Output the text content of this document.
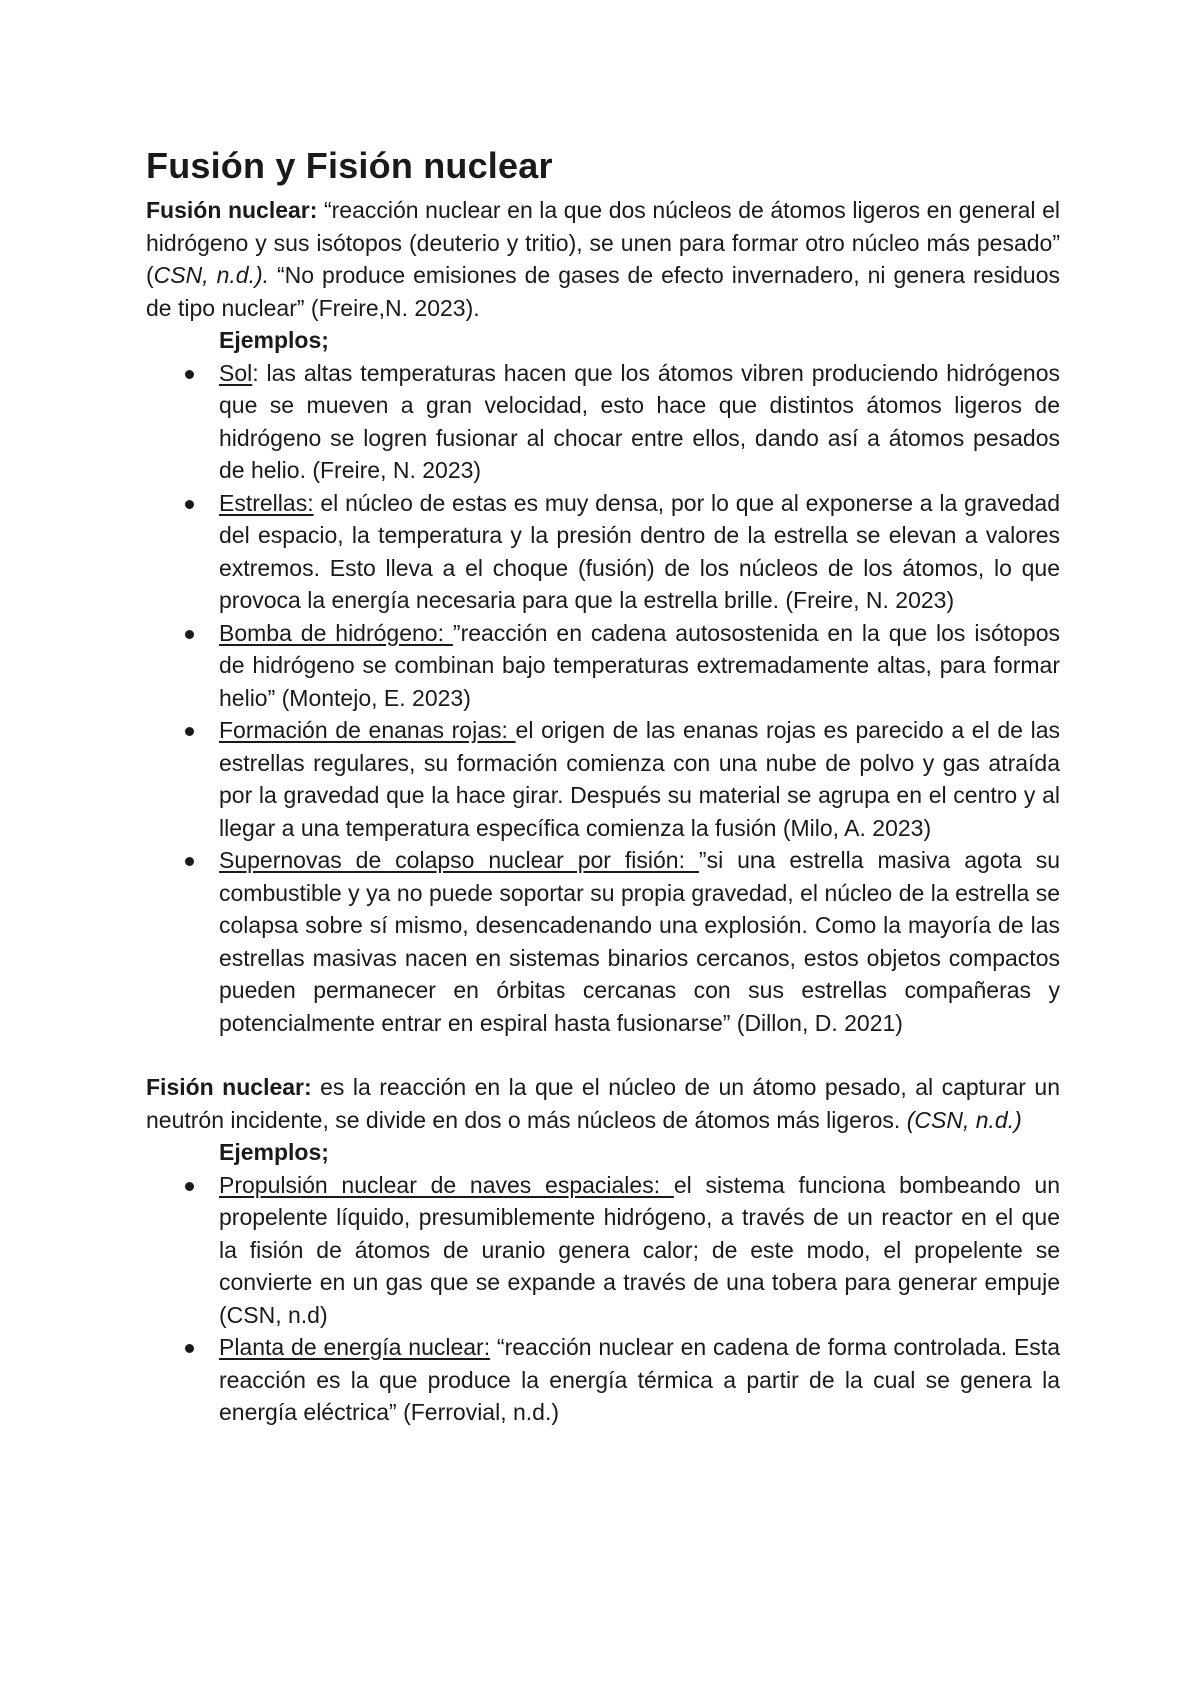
Fusión y Fisión nuclear

Fusión nuclear: “reacción nuclear en la que dos núcleos de átomos ligeros en general el hidrógeno y sus isótopos (deuterio y tritio), se unen para formar otro núcleo más pesado” (CSN, n.d.). “No produce emisiones de gases de efecto invernadero, ni genera residuos de tipo nuclear” (Freire,N. 2023).

Ejemplos;
Sol: las altas temperaturas hacen que los átomos vibren produciendo hidrógenos que se mueven a gran velocidad, esto hace que distintos átomos ligeros de hidrógeno se logren fusionar al chocar entre ellos, dando así a átomos pesados de helio. (Freire, N. 2023)
Estrellas: el núcleo de estas es muy densa, por lo que al exponerse a la gravedad del espacio, la temperatura y la presión dentro de la estrella se elevan a valores extremos. Esto lleva a el choque (fusión) de los núcleos de los átomos, lo que provoca la energía necesaria para que la estrella brille. (Freire, N. 2023)
Bomba de hidrógeno: ”reacción en cadena autosostenida en la que los isótopos de hidrógeno se combinan bajo temperaturas extremadamente altas, para formar helio” (Montejo, E. 2023)
Formación de enanas rojas: el origen de las enanas rojas es parecido a el de las estrellas regulares, su formación comienza con una nube de polvo y gas atraída por la gravedad que la hace girar. Después su material se agrupa en el centro y al llegar a una temperatura específica comienza la fusión (Milo, A. 2023)
Supernovas de colapso nuclear por fisión: ”si una estrella masiva agota su combustible y ya no puede soportar su propia gravedad, el núcleo de la estrella se colapsa sobre sí mismo, desencadenando una explosión. Como la mayoría de las estrellas masivas nacen en sistemas binarios cercanos, estos objetos compactos pueden permanecer en órbitas cercanas con sus estrellas compañeras y potencialmente entrar en espiral hasta fusionarse” (Dillon, D. 2021)

Fisión nuclear: es la reacción en la que el núcleo de un átomo pesado, al capturar un neutrón incidente, se divide en dos o más núcleos de átomos más ligeros. (CSN, n.d.)

Ejemplos;
Propulsión nuclear de naves espaciales: el sistema funciona bombeando un propelente líquido, presumiblemente hidrógeno, a través de un reactor en el que la fisión de átomos de uranio genera calor; de este modo, el propelente se convierte en un gas que se expande a través de una tobera para generar empuje (CSN, n.d)
Planta de energía nuclear: “reacción nuclear en cadena de forma controlada. Esta reacción es la que produce la energía térmica a partir de la cual se genera la energía eléctrica” (Ferrovial, n.d.)
